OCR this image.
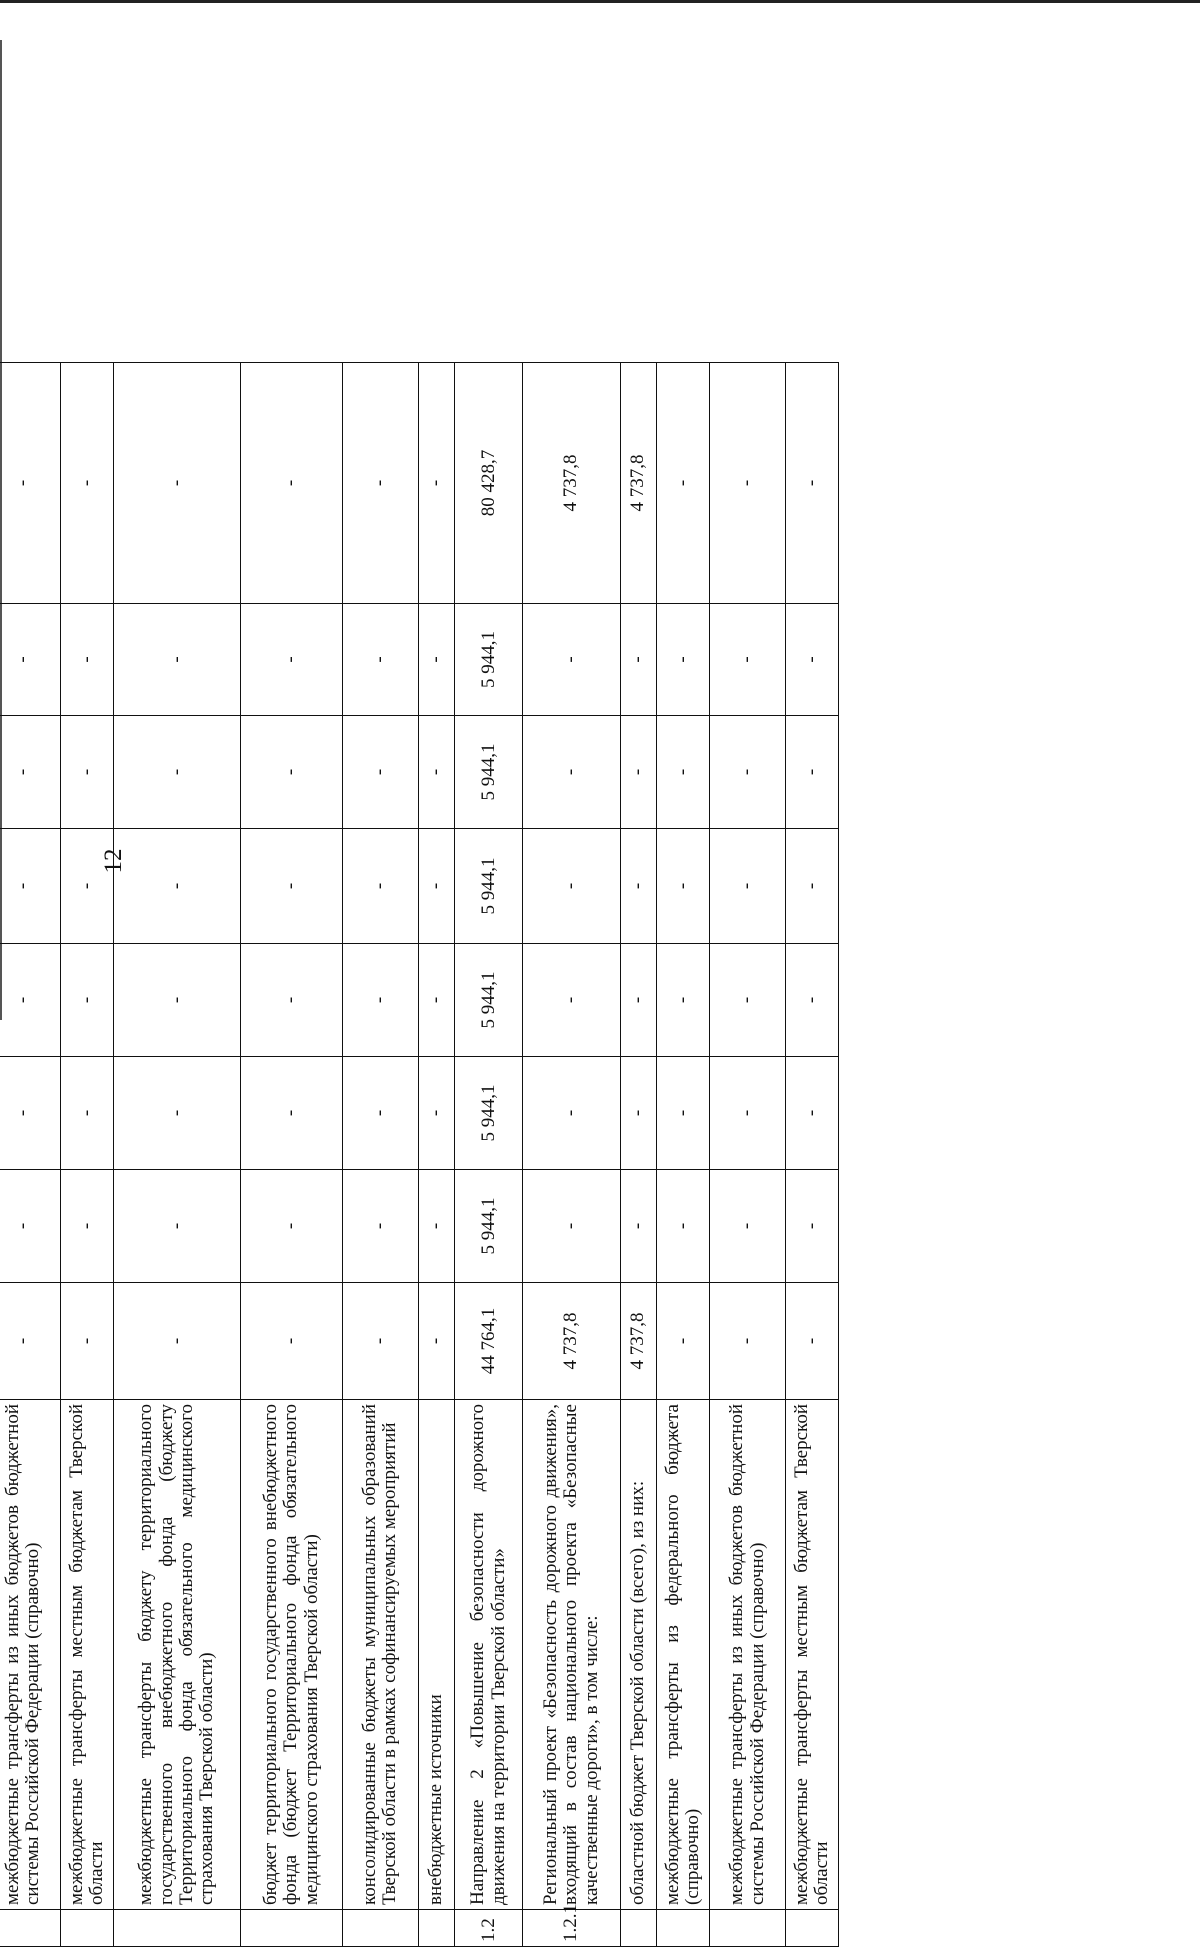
12

	межбюджетные трансферты из иных бюджетов бюджетной системы Российской Федерации (справочно)	-	-	-	-	-	-	-	-
	межбюджетные трансферты местным бюджетам Тверской области	-	-	-	-	-	-	-	-
	межбюджетные трансферты бюджету территориального государственного внебюджетного фонда (бюджету Территориального фонда обязательного медицинского страхования Тверской области)	-	-	-	-	-	-	-	-
	бюджет территориального государственного внебюджетного фонда (бюджет Территориального фонда обязательного медицинского страхования Тверской области)	-	-	-	-	-	-	-	-
	консолидированные бюджеты муниципальных образований Тверской области в рамках софинансируемых мероприятий	-	-	-	-	-	-	-	-
	внебюджетные источники	-	-	-	-	-	-	-	-
1.2	Направление 2 «Повышение безопасности дорожного движения на территории Тверской области»	44 764,1	5 944,1	5 944,1	5 944,1	5 944,1	5 944,1	5 944,1	80 428,7
1.2.1	Региональный проект «Безопасность дорожного движения», входящий в состав национального проекта «Безопасные качественные дороги», в том числе:	4 737,8	-	-	-	-	-	-	4 737,8
	областной бюджет Тверской области (всего), из них:	4 737,8	-	-	-	-	-	-	4 737,8
	межбюджетные трансферты из федерального бюджета (справочно)	-	-	-	-	-	-	-	-
	межбюджетные трансферты из иных бюджетов бюджетной системы Российской Федерации (справочно)	-	-	-	-	-	-	-	-
	межбюджетные трансферты местным бюджетам Тверской области	-	-	-	-	-	-	-	-
